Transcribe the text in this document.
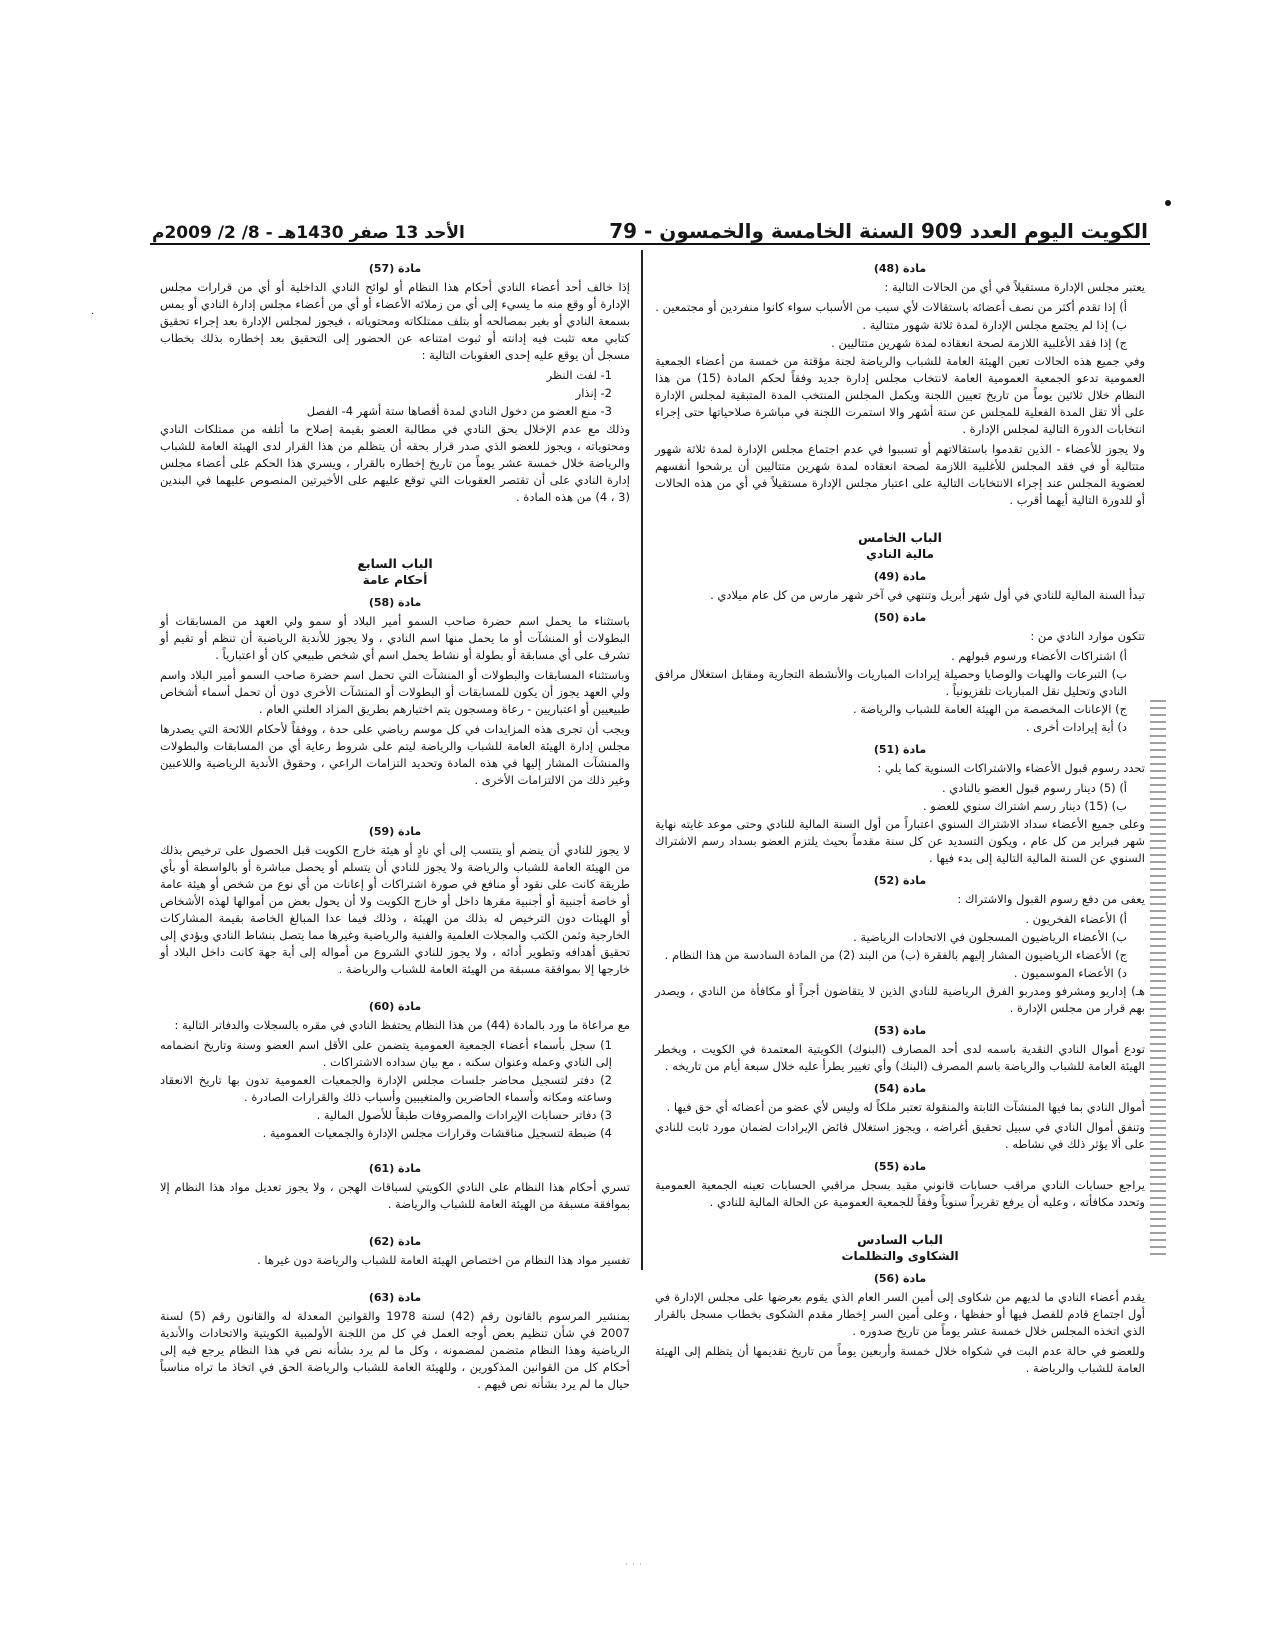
٠
الكويت اليوم العدد 909 السنة الخامسة والخمسون - 79
الأحد 13 صفر 1430هـ - 8/ 2/ 2009م
مادة (48)

يعتبر مجلس الإدارة مستقيلاً في أي من الحالات التالية :

أ) إذا تقدم أكثر من نصف أعضائه باستقالات لأي سبب من الأسباب سواء كانوا منفردين أو مجتمعين .

ب) إذا لم يجتمع مجلس الإدارة لمدة ثلاثة شهور متتالية .

ج) إذا فقد الأغلبية اللازمة لصحة انعقاده لمدة شهرين متتاليين .

وفي جميع هذه الحالات تعين الهيئة العامة للشباب والرياضة لجنة مؤقتة من خمسة من أعضاء الجمعية العمومية تدعو الجمعية العمومية العامة لانتخاب مجلس إدارة جديد وفقاً لحكم المادة (15) من هذا النظام خلال ثلاثين يوماً من تاريخ تعيين اللجنة ويكمل المجلس المنتخب المدة المتبقية لمجلس الإدارة على ألا تقل المدة الفعلية للمجلس عن ستة أشهر والا استمرت اللجنة في مباشرة صلاحياتها حتى إجراء انتخابات الدورة التالية لمجلس الإدارة .

ولا يجوز للأعضاء - الذين تقدموا باستقالاتهم أو تسببوا في عدم اجتماع مجلس الإدارة لمدة ثلاثة شهور متتالية أو في فقد المجلس للأغلبية اللازمة لصحة انعقاده لمدة شهرين متتاليين أن يرشحوا أنفسهم لعضوية المجلس عند إجراء الانتخابات التالية على اعتبار مجلس الإدارة مستقيلاً في أي من هذه الحالات أو للدورة التالية أيهما أقرب .

الباب الخامس
مالية النادي
مادة (49)

تبدأ السنة المالية للنادي في أول شهر أبريل وتنتهي في آخر شهر مارس من كل عام ميلادي .

مادة (50)

تتكون موارد النادي من :

أ) اشتراكات الأعضاء ورسوم قبولهم .

ب) التبرعات والهبات والوصايا وحصيلة إيرادات المباريات والأنشطة التجارية ومقابل استغلال مرافق النادي وتحليل نقل المباريات تلفزيونياً .

ج) الإعانات المخصصة من الهيئة العامة للشباب والرياضة .

د) أية إيرادات أخرى .

مادة (51)

تحدد رسوم قبول الأعضاء والاشتراكات السنوية كما يلي :

أ) (5) دينار رسوم قبول العضو بالنادي .

ب) (15) دينار رسم اشتراك سنوي للعضو .

وعلى جميع الأعضاء سداد الاشتراك السنوي اعتباراً من أول السنة المالية للنادي وحتى موعد غايته نهاية شهر فبراير من كل عام ، ويكون التسديد عن كل سنة مقدماً بحيث يلتزم العضو بسداد رسم الاشتراك السنوي عن السنة المالية التالية إلى بدء فيها .

مادة (52)

يعفى من دفع رسوم القبول والاشتراك :

أ) الأعضاء الفخريون .

ب) الأعضاء الرياضيون المسجلون في الاتحادات الرياضية .

ج) الأعضاء الرياضيون المشار إليهم بالفقرة (ب) من البند (2) من المادة السادسة من هذا النظام .

د) الأعضاء الموسميون .

هـ) إداريو ومشرفو ومدربو الفرق الرياضية للنادي الذين لا يتقاضون أجراً أو مكافأة من النادي ، ويصدر بهم قرار من مجلس الإدارة .

مادة (53)

تودع أموال النادي النقدية باسمه لدى أحد المصارف (البنوك) الكويتية المعتمدة في الكويت ، ويخطر الهيئة العامة للشباب والرياضة باسم المصرف (البنك) وأي تغيير يطرأ عليه خلال سبعة أيام من تاريخه .

مادة (54)

أموال النادي بما فيها المنشآت الثابتة والمنقولة تعتبر ملكاً له وليس لأي عضو من أعضائه أي حق فيها .

وتنفق أموال النادي في سبيل تحقيق أغراضه ، ويجوز استغلال فائض الإيرادات لضمان مورد ثابت للنادي على ألا يؤثر ذلك في نشاطه .

مادة (55)

يراجع حسابات النادي مراقب حسابات قانوني مقيد بسجل مراقبي الحسابات تعينه الجمعية العمومية وتحدد مكافأته ، وعليه أن يرفع تقريراً سنوياً وفقاً للجمعية العمومية عن الحالة المالية للنادي .

الباب السادس
الشكاوى والتظلمات
مادة (56)

يقدم أعضاء النادي ما لديهم من شكاوى إلى أمين السر العام الذي يقوم بعرضها على مجلس الإدارة في أول اجتماع قادم للفصل فيها أو حفظها ، وعلى أمين السر إخطار مقدم الشكوى بخطاب مسجل بالقرار الذي اتخذه المجلس خلال خمسة عشر يوماً من تاريخ صدوره .

وللعضو في حالة عدم البت في شكواه خلال خمسة وأربعين يوماً من تاريخ تقديمها أن يتظلم إلى الهيئة العامة للشباب والرياضة .

مادة (57)

إذا خالف أحد أعضاء النادي أحكام هذا النظام أو لوائح النادي الداخلية أو أي من قرارات مجلس الإدارة أو وقع منه ما يسيء إلى أي من زملائه الأعضاء أو أي من أعضاء مجلس إدارة النادي أو يمس بسمعة النادي أو بغير بمصالحه أو بتلف ممتلكاته ومحتوياته ، فيجوز لمجلس الإدارة بعد إجراء تحقيق كتابي معه تثبت فيه إدانته أو ثبوت امتناعه عن الحضور إلى التحقيق بعد إخطاره بذلك بخطاب مسجل أن يوقع عليه إحدى العقوبات التالية :

1- لفت النظر

2- إنذار

3- منع العضو من دخول النادي لمدة أقصاها ستة أشهر 4- الفصل

وذلك مع عدم الإخلال بحق النادي في مطالبة العضو بقيمة إصلاح ما أتلفه من ممتلكات النادي ومحتوياته ، ويجوز للعضو الذي صدر قرار بحقه أن يتظلم من هذا القرار لدى الهيئة العامة للشباب والرياضة خلال خمسة عشر يوماً من تاريخ إخطاره بالقرار ، ويسري هذا الحكم على أعضاء مجلس إدارة النادي على أن تقتصر العقوبات التي توقع عليهم على الأخيرتين المنصوص عليهما في البندين (3 ، 4) من هذه المادة .

الباب السابع
أحكام عامة
مادة (58)

باستثناء ما يحمل اسم حضرة صاحب السمو أمير البلاد أو سمو ولي العهد من المسابقات أو البطولات أو المنشآت أو ما يحمل منها اسم النادي ، ولا يجوز للأندية الرياضية أن تنظم أو تقيم أو تشرف على أي مسابقة أو بطولة أو نشاط يحمل اسم أي شخص طبيعي كان أو اعتبارياً .

وباستثناء المسابقات والبطولات أو المنشآت التي تحمل اسم حضرة صاحب السمو أمير البلاد واسم ولي العهد يجوز أن يكون للمسابقات أو البطولات أو المنشآت الأخرى دون أن تحمل أسماء أشخاص طبيعيين أو اعتباريين - رعاة ومسجون يتم اختيارهم بطريق المزاد العلني العام .

ويجب أن تجرى هذه المزايدات في كل موسم رياضي على حدة ، ووفقاً لأحكام اللائحة التي يصدرها مجلس إدارة الهيئة العامة للشباب والرياضة ليتم على شروط رعاية أي من المسابقات والبطولات والمنشآت المشار إليها في هذه المادة وتحديد التزامات الراعي ، وحقوق الأندية الرياضية واللاعبين وغير ذلك من الالتزامات الأخرى .

مادة (59)

لا يجوز للنادي أن ينضم أو ينتسب إلى أي نادٍ أو هيئة خارج الكويت قبل الحصول على ترخيص بذلك من الهيئة العامة للشباب والرياضة ولا يجوز للنادي أن يتسلم أو يحصل مباشرة أو بالواسطة أو بأي طريقة كانت على نقود أو منافع في صورة اشتراكات أو إعانات من أي نوع من شخص أو هيئة عامة أو خاصة أجنبية أو أجنبية مقرها داخل أو خارج الكويت ولا أن يحول بعض من أموالها لهذه الأشخاص أو الهيئات دون الترخيص له بذلك من الهيئة ، وذلك فيما عدا المبالغ الخاصة بقيمة المشاركات الخارجية وثمن الكتب والمجلات العلمية والفنية والرياضية وغيرها مما يتصل بنشاط النادي ويؤدي إلى تحقيق أهدافه وتطوير أدائه ، ولا يجوز للنادي الشروع من أمواله إلى أية جهة كانت داخل البلاد أو خارجها إلا بموافقة مسبقة من الهيئة العامة للشباب والرياضة .

مادة (60)

مع مراعاة ما ورد بالمادة (44) من هذا النظام يحتفظ النادي في مقره بالسجلات والدفاتر التالية :

1) سجل بأسماء أعضاء الجمعية العمومية يتضمن على الأقل اسم العضو وسنة وتاريخ انضمامه إلى النادي وعمله وعنوان سكنه ، مع بيان سداده الاشتراكات .

2) دفتر لتسجيل محاضر جلسات مجلس الإدارة والجمعيات العمومية تدون بها تاريخ الانعقاد وساعته ومكانه وأسماء الحاضرين والمتغيبين وأسباب ذلك والقرارات الصادرة .

3) دفاتر حسابات الإيرادات والمصروفات طبقاً للأصول المالية .

4) ضبطة لتسجيل مناقشات وقرارات مجلس الإدارة والجمعيات العمومية .

مادة (61)

تسري أحكام هذا النظام على النادي الكويتي لسباقات الهجن ، ولا يجوز تعديل مواد هذا النظام إلا بموافقة مسبقة من الهيئة العامة للشباب والرياضة .

مادة (62)

تفسير مواد هذا النظام من اختصاص الهيئة العامة للشباب والرياضة دون غيرها .

مادة (63)

بمنشير المرسوم بالقانون رقم (42) لسنة 1978 والقوانين المعدلة له والقانون رقم (5) لسنة 2007 في شأن تنظيم بعض أوجه العمل في كل من اللجنة الأولمبية الكويتية والاتحادات والأندية الرياضية وهذا النظام متضمن لمضمونه ، وكل ما لم يرد بشأنه نص في هذا النظام يرجع فيه إلى أحكام كل من القوانين المذكورين ، وللهيئة العامة للشباب والرياضة الحق في اتخاذ ما تراه مناسباً حيال ما لم يرد بشأنه نص فيهم .

· · ·
